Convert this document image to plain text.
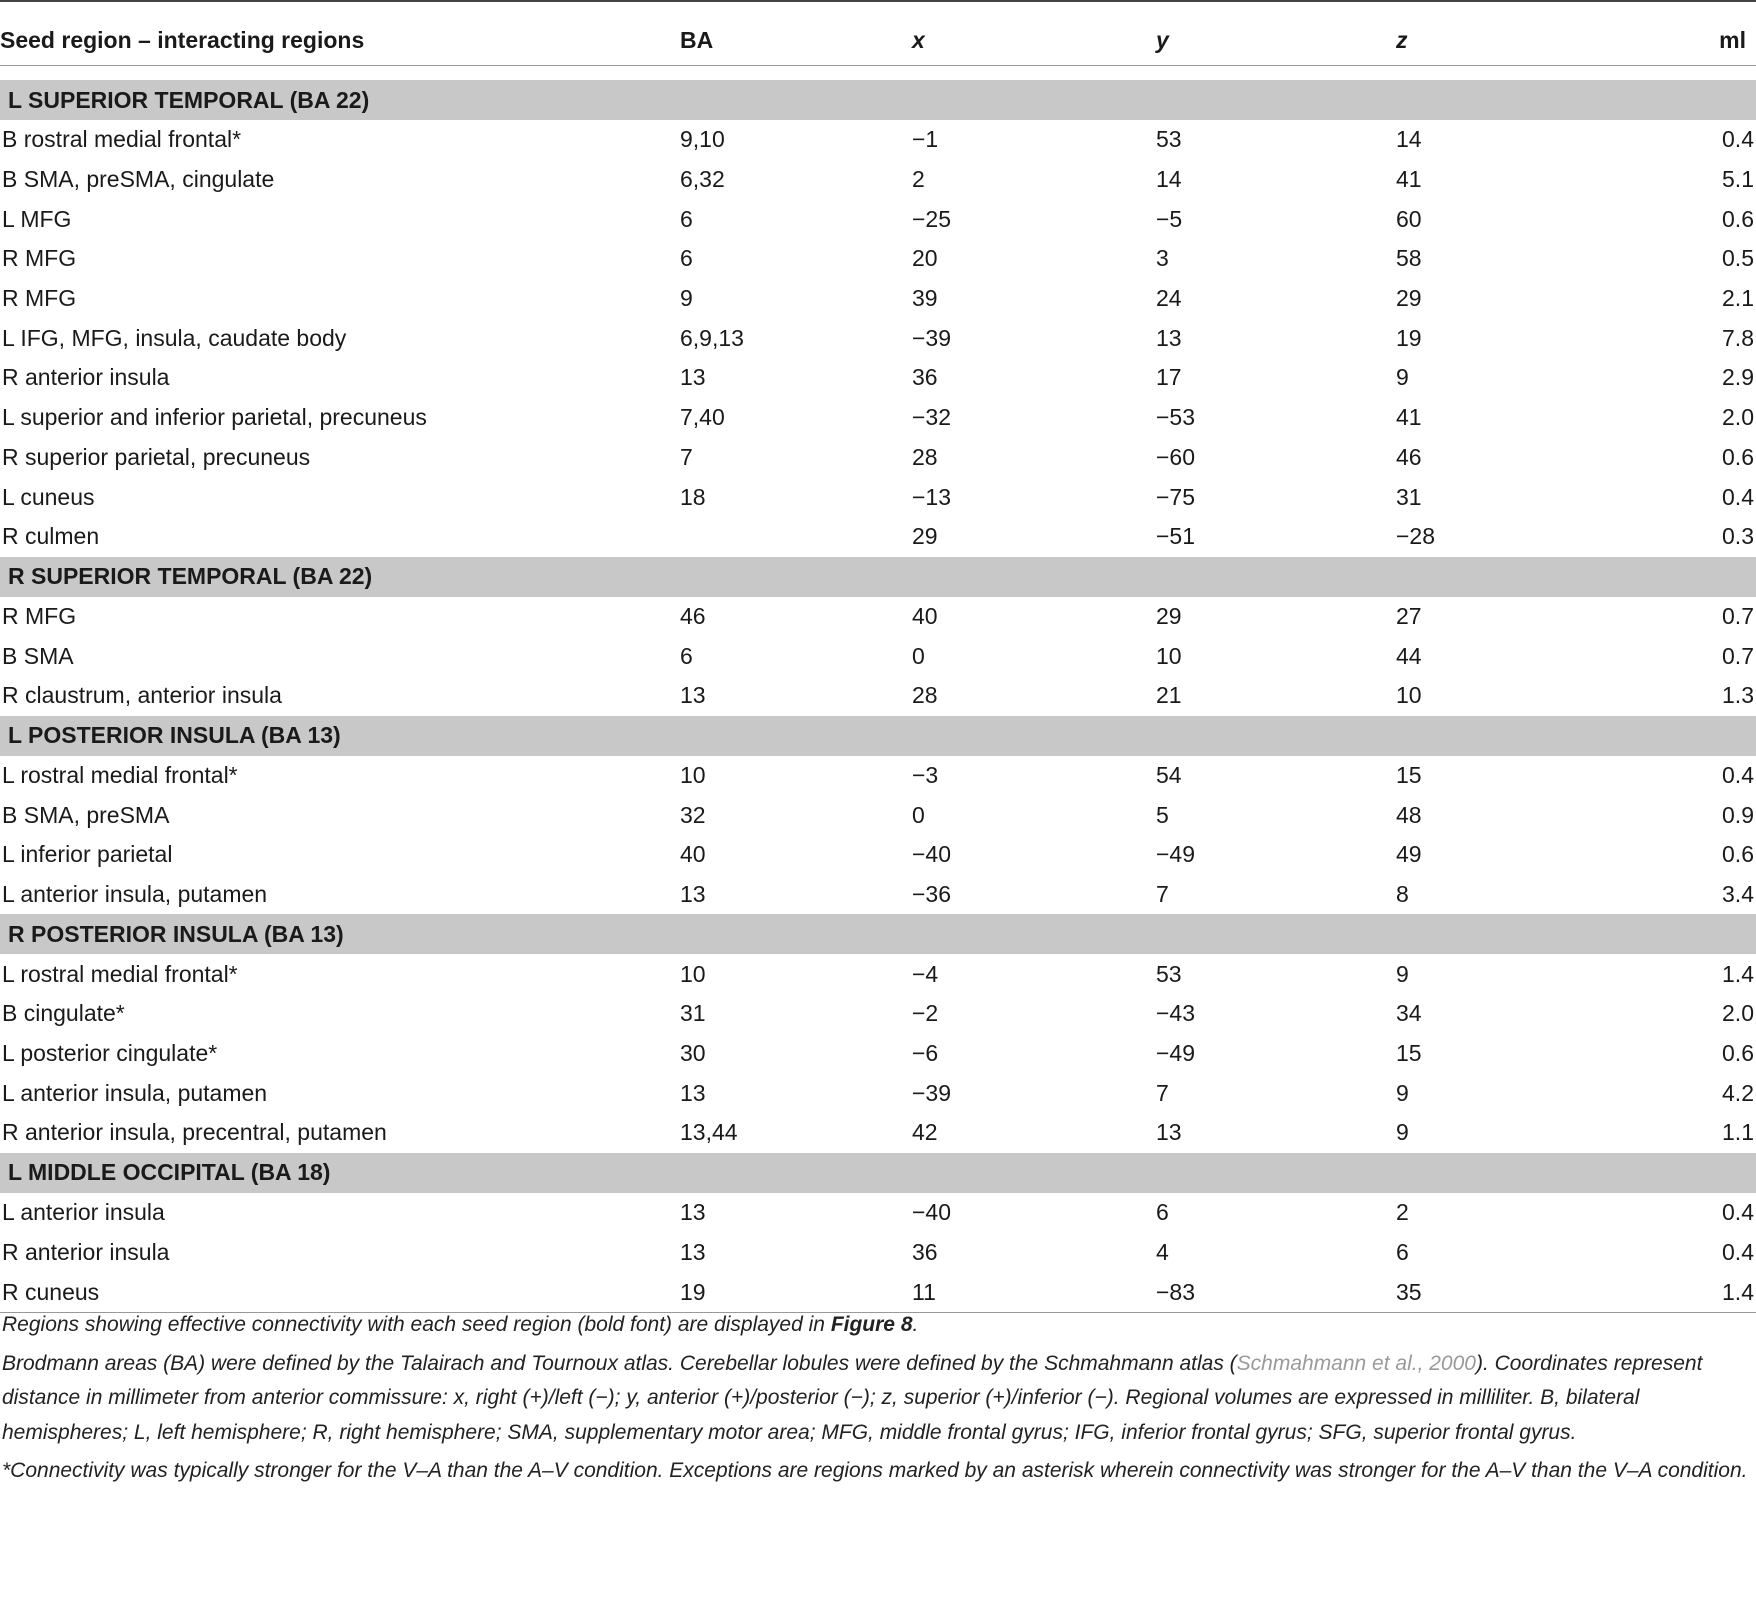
Seed region – interacting regions	BA	x	y	z	ml

L SUPERIOR TEMPORAL (BA 22)					
B rostral medial frontal*	9,10	−1	53	14	0.4
B SMA, preSMA, cingulate	6,32	2	14	41	5.1
L MFG	6	−25	−5	60	0.6
R MFG	6	20	3	58	0.5
R MFG	9	39	24	29	2.1
L IFG, MFG, insula, caudate body	6,9,13	−39	13	19	7.8
R anterior insula	13	36	17	9	2.9
L superior and inferior parietal, precuneus	7,40	−32	−53	41	2.0
R superior parietal, precuneus	7	28	−60	46	0.6
L cuneus	18	−13	−75	31	0.4
R culmen		29	−51	−28	0.3
R SUPERIOR TEMPORAL (BA 22)					
R MFG	46	40	29	27	0.7
B SMA	6	0	10	44	0.7
R claustrum, anterior insula	13	28	21	10	1.3
L POSTERIOR INSULA (BA 13)					
L rostral medial frontal*	10	−3	54	15	0.4
B SMA, preSMA	32	0	5	48	0.9
L inferior parietal	40	−40	−49	49	0.6
L anterior insula, putamen	13	−36	7	8	3.4
R POSTERIOR INSULA (BA 13)					
L rostral medial frontal*	10	−4	53	9	1.4
B cingulate*	31	−2	−43	34	2.0
L posterior cingulate*	30	−6	−49	15	0.6
L anterior insula, putamen	13	−39	7	9	4.2
R anterior insula, precentral, putamen	13,44	42	13	9	1.1
L MIDDLE OCCIPITAL (BA 18)					
L anterior insula	13	−40	6	2	0.4
R anterior insula	13	36	4	6	0.4
R cuneus	19	11	−83	35	1.4

Regions showing effective connectivity with each seed region (bold font) are displayed in Figure 8.

Brodmann areas (BA) were defined by the Talairach and Tournoux atlas. Cerebellar lobules were defined by the Schmahmann atlas (Schmahmann et al., 2000). Coordinates represent distance in millimeter from anterior commissure: x, right (+)/left (−); y, anterior (+)/posterior (−); z, superior (+)/inferior (−). Regional volumes are expressed in milliliter. B, bilateral hemispheres; L, left hemisphere; R, right hemisphere; SMA, supplementary motor area; MFG, middle frontal gyrus; IFG, inferior frontal gyrus; SFG, superior frontal gyrus.

*Connectivity was typically stronger for the V–A than the A–V condition. Exceptions are regions marked by an asterisk wherein connectivity was stronger for the A–V than the V–A condition.
